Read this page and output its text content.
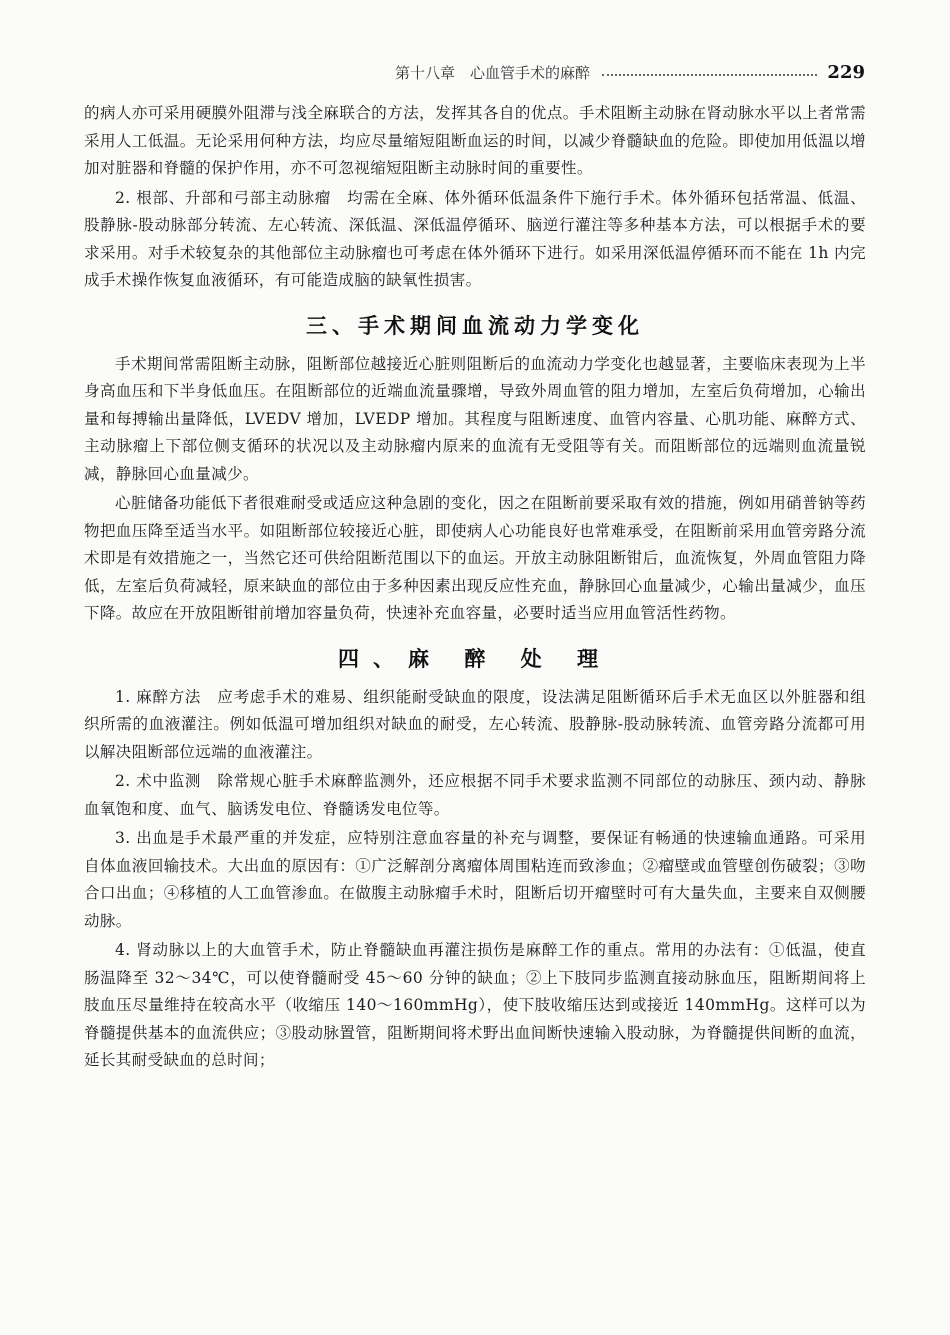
第十八章　心血管手术的麻醉	229

的病人亦可采用硬膜外阻滞与浅全麻联合的方法，发挥其各自的优点。手术阻断主动脉在肾动脉水平以上者常需采用人工低温。无论采用何种方法，均应尽量缩短阻断血运的时间，以减少脊髓缺血的危险。即使加用低温以增加对脏器和脊髓的保护作用，亦不可忽视缩短阻断主动脉时间的重要性。

2. 根部、升部和弓部主动脉瘤　均需在全麻、体外循环低温条件下施行手术。体外循环包括常温、低温、股静脉-股动脉部分转流、左心转流、深低温、深低温停循环、脑逆行灌注等多种基本方法，可以根据手术的要求采用。对手术较复杂的其他部位主动脉瘤也可考虑在体外循环下进行。如采用深低温停循环而不能在 1h 内完成手术操作恢复血液循环，有可能造成脑的缺氧性损害。

三、手术期间血流动力学变化

手术期间常需阻断主动脉，阻断部位越接近心脏则阻断后的血流动力学变化也越显著，主要临床表现为上半身高血压和下半身低血压。在阻断部位的近端血流量骤增，导致外周血管的阻力增加，左室后负荷增加，心输出量和每搏输出量降低，LVEDV 增加，LVEDP 增加。其程度与阻断速度、血管内容量、心肌功能、麻醉方式、主动脉瘤上下部位侧支循环的状况以及主动脉瘤内原来的血流有无受阻等有关。而阻断部位的远端则血流量锐减，静脉回心血量减少。

心脏储备功能低下者很难耐受或适应这种急剧的变化，因之在阻断前要采取有效的措施，例如用硝普钠等药物把血压降至适当水平。如阻断部位较接近心脏，即使病人心功能良好也常难承受，在阻断前采用血管旁路分流术即是有效措施之一，当然它还可供给阻断范围以下的血运。开放主动脉阻断钳后，血流恢复，外周血管阻力降低，左室后负荷减轻，原来缺血的部位由于多种因素出现反应性充血，静脉回心血量减少，心输出量减少，血压下降。故应在开放阻断钳前增加容量负荷，快速补充血容量，必要时适当应用血管活性药物。

四、麻 醉 处 理

1. 麻醉方法　应考虑手术的难易、组织能耐受缺血的限度，设法满足阻断循环后手术无血区以外脏器和组织所需的血液灌注。例如低温可增加组织对缺血的耐受，左心转流、股静脉-股动脉转流、血管旁路分流都可用以解决阻断部位远端的血液灌注。

2. 术中监测　除常规心脏手术麻醉监测外，还应根据不同手术要求监测不同部位的动脉压、颈内动、静脉血氧饱和度、血气、脑诱发电位、脊髓诱发电位等。

3. 出血是手术最严重的并发症，应特别注意血容量的补充与调整，要保证有畅通的快速输血通路。可采用自体血液回输技术。大出血的原因有：①广泛解剖分离瘤体周围粘连而致渗血；②瘤壁或血管壁创伤破裂；③吻合口出血；④移植的人工血管渗血。在做腹主动脉瘤手术时，阻断后切开瘤壁时可有大量失血，主要来自双侧腰动脉。

4. 肾动脉以上的大血管手术，防止脊髓缺血再灌注损伤是麻醉工作的重点。常用的办法有：①低温，使直肠温降至 32～34℃，可以使脊髓耐受 45～60 分钟的缺血；②上下肢同步监测直接动脉血压，阻断期间将上肢血压尽量维持在较高水平（收缩压 140～160mmHg），使下肢收缩压达到或接近 140mmHg。这样可以为脊髓提供基本的血流供应；③股动脉置管，阻断期间将术野出血间断快速输入股动脉，为脊髓提供间断的血流，延长其耐受缺血的总时间；
